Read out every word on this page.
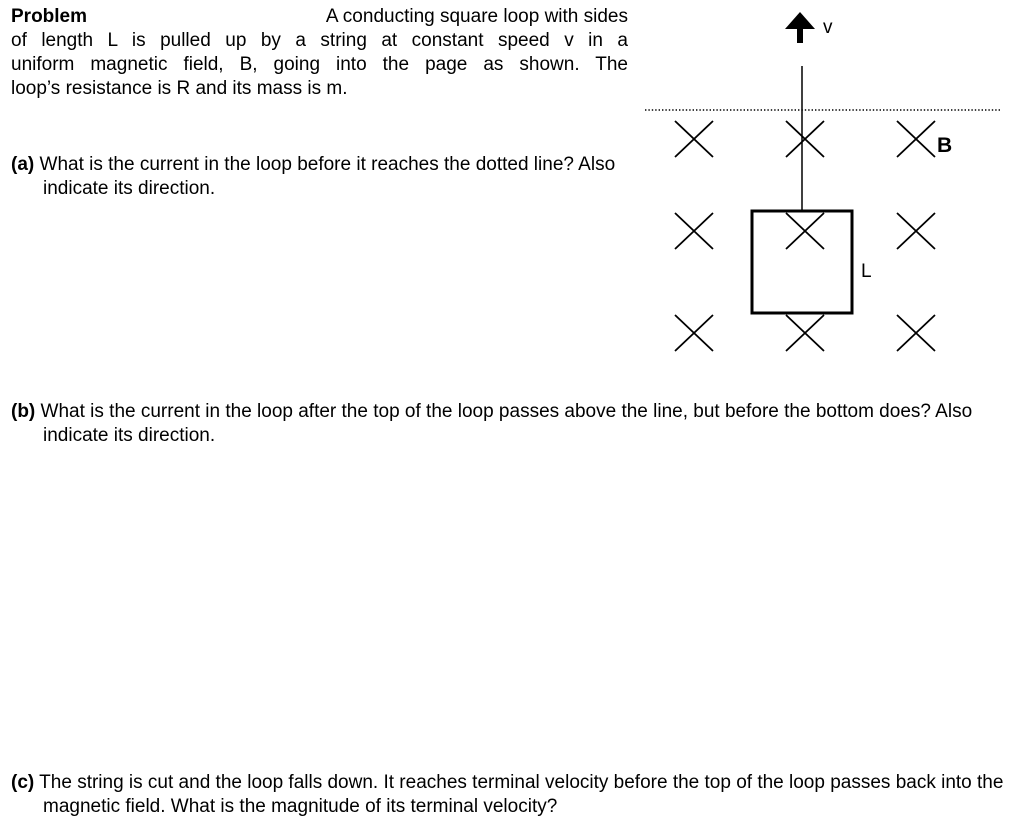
Problem	A conducting square loop with sides
of length L is pulled up by a string at constant speed v in a
uniform magnetic field, B, going into the page as shown. The
loop’s resistance is R and its mass is m.
(a) What is the current in the loop before it reaches the dotted line? Also indicate its direction.
(b) What is the current in the loop after the top of the loop passes above the line, but before the bottom does? Also indicate its direction.
(c) The string is cut and the loop falls down. It reaches terminal velocity before the top of the loop passes back into the magnetic field. What is the magnitude of its terminal velocity?
v
B
L
